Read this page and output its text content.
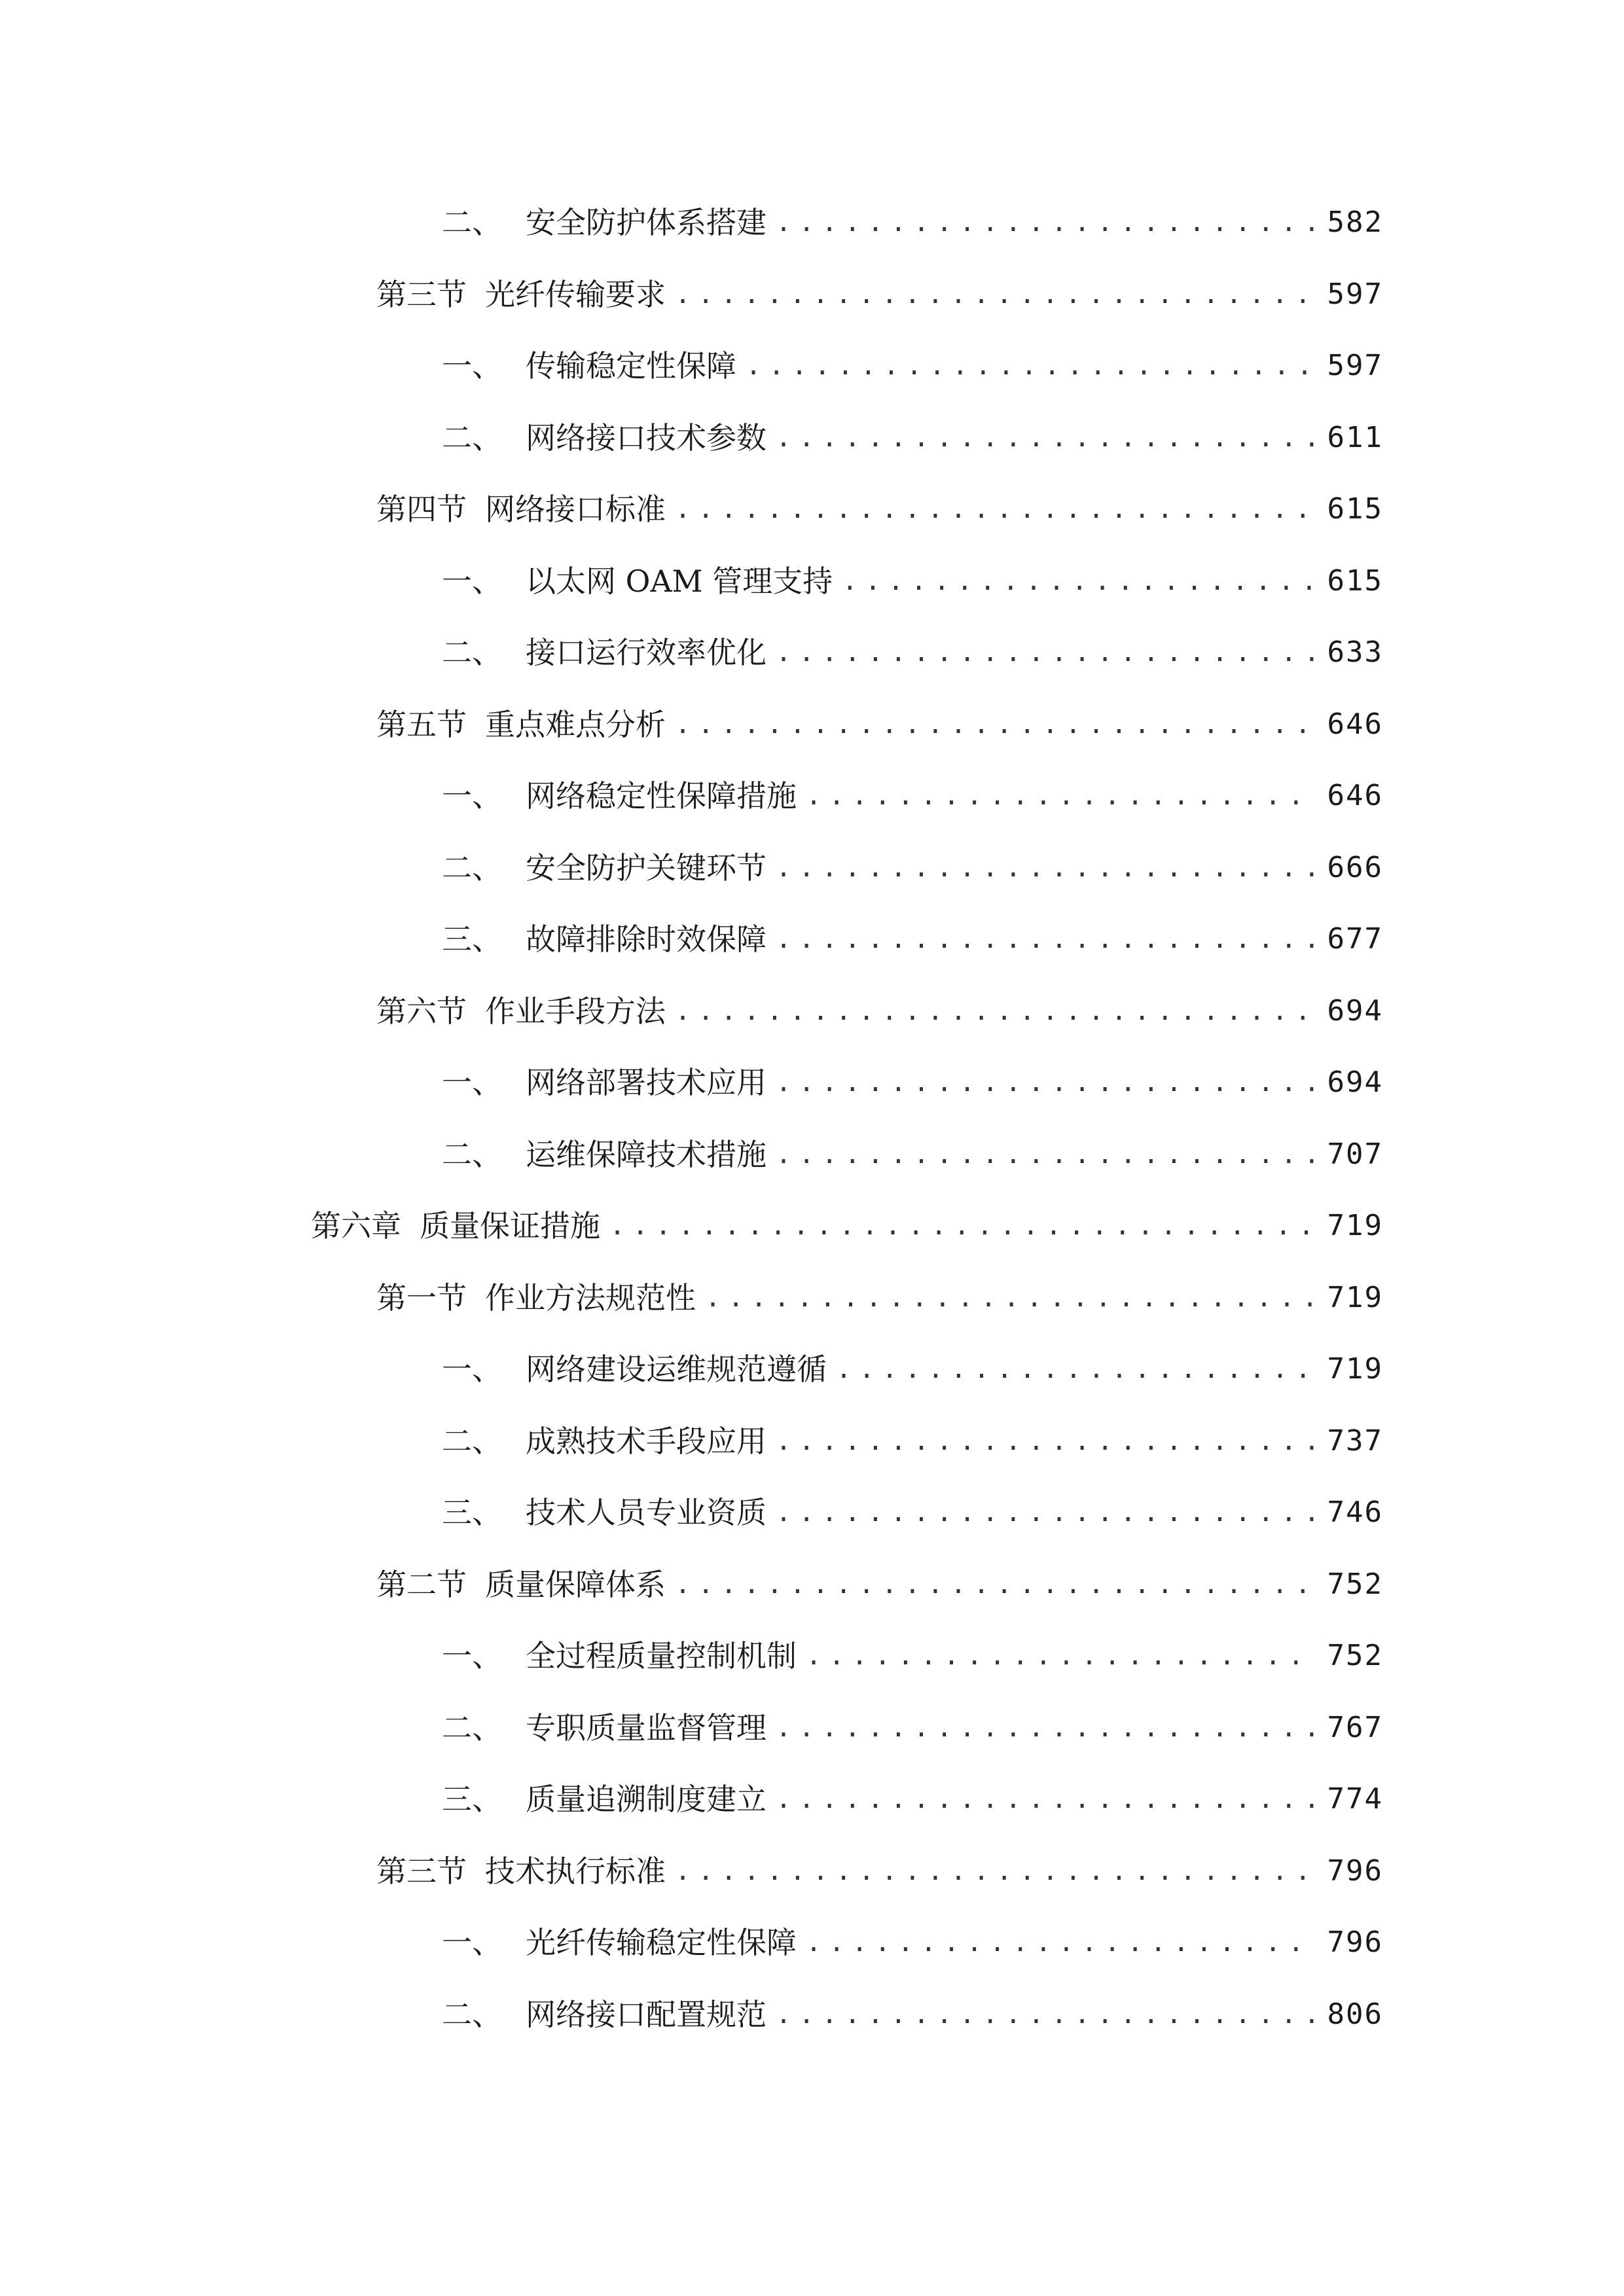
二、 安全防护体系搭建 .....	582
第三节 光纤传输要求 .....	597
一、 传输稳定性保障 .....	597
二、 网络接口技术参数 .....	611
第四节 网络接口标准 .....	615
一、 以太网 OAM 管理支持 .....	615
二、 接口运行效率优化 .....	633
第五节 重点难点分析 .....	646
一、 网络稳定性保障措施 .....	646
二、 安全防护关键环节 .....	666
三、 故障排除时效保障 .....	677
第六节 作业手段方法 .....	694
一、 网络部署技术应用 .....	694
二、 运维保障技术措施 .....	707
第六章 质量保证措施 .....	719
第一节 作业方法规范性 .....	719
一、 网络建设运维规范遵循 .....	719
二、 成熟技术手段应用 .....	737
三、 技术人员专业资质 .....	746
第二节 质量保障体系 .....	752
一、 全过程质量控制机制 .....	752
二、 专职质量监督管理 .....	767
三、 质量追溯制度建立 .....	774
第三节 技术执行标准 .....	796
一、 光纤传输稳定性保障 .....	796
二、 网络接口配置规范 .....	806
